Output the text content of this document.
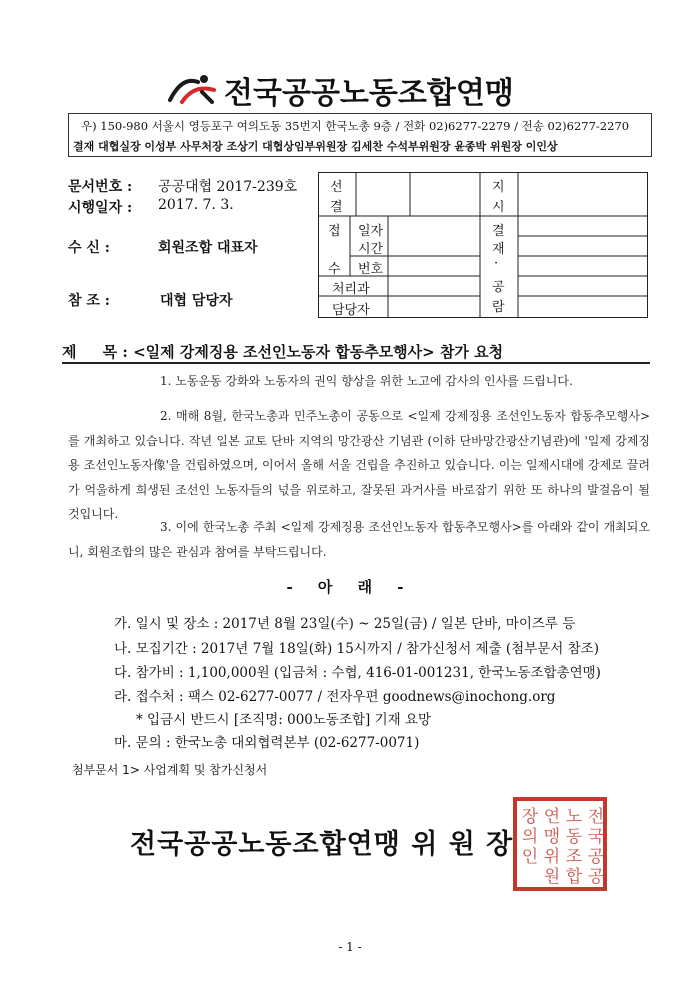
전국공공노동조합연맹
우) 150-980 서울시 영등포구 여의도동 35번지 한국노총 9층 / 전화 02)6277-2279 / 전송 02)6277-2270
결재 대협실장 이성부 사무처장 조상기 대협상임부위원장 김세찬 수석부위원장 윤종박 위원장 이인상
문서번호 : 공공대협 2017-239호
시행일자 : 2017. 7. 3.
수 신 :	회원조합 대표자
참 조 :	대협 담당자
선
결
지
시
접
수
일자
시간
번호
처리과
담당자
결
재
·
공
람
제     목 : <일제 강제징용 조선인노동자 합동추모행사> 참가 요청
1. 노동운동 강화와 노동자의 권익 향상을 위한 노고에 감사의 인사를 드립니다.
2. 매해 8월, 한국노총과 민주노총이 공동으로 <일제 강제징용 조선인노동자 합동추모행사>를 개최하고 있습니다. 작년 일본 교토 단바 지역의 망간광산 기념관 (이하 단바망간광산기념관)에 '일제 강제징용 조선인노동자像'을 건립하였으며, 이어서 올해 서울 건립을 추진하고 있습니다. 이는 일제시대에 강제로 끌려가 억울하게 희생된 조선인 노동자들의 넋을 위로하고, 잘못된 과거사를 바로잡기 위한 또 하나의 발걸음이 될 것입니다.
3. 이에 한국노총 주최 <일제 강제징용 조선인노동자 합동추모행사>를 아래와 같이 개최되오니, 회원조합의 많은 관심과 참여를 부탁드립니다.
- 아 래 -
가. 일시 및 장소 : 2017년 8월 23일(수) ~ 25일(금) / 일본 단바, 마이즈루 등
나. 모집기간 : 2017년 7월 18일(화) 15시까지 / 참가신청서 제출 (첨부문서 참조)
다. 참가비 : 1,100,000원 (입금처 : 수협, 416-01-001231, 한국노동조합총연맹)
라. 접수처 : 팩스 02-6277-0077 / 전자우편 goodnews@inochong.org
* 입금시 반드시 [조직명: 000노동조합] 기재 요망
마. 문의 : 한국노총 대외협력본부 (02-6277-0071)
첨부문서 1> 사업계획 및 참가신청서
전국공공노동조합연맹 위 원 장
전
국
공
공
노
동
조
합
연
맹
위
원
장
의
인
- 1 -
